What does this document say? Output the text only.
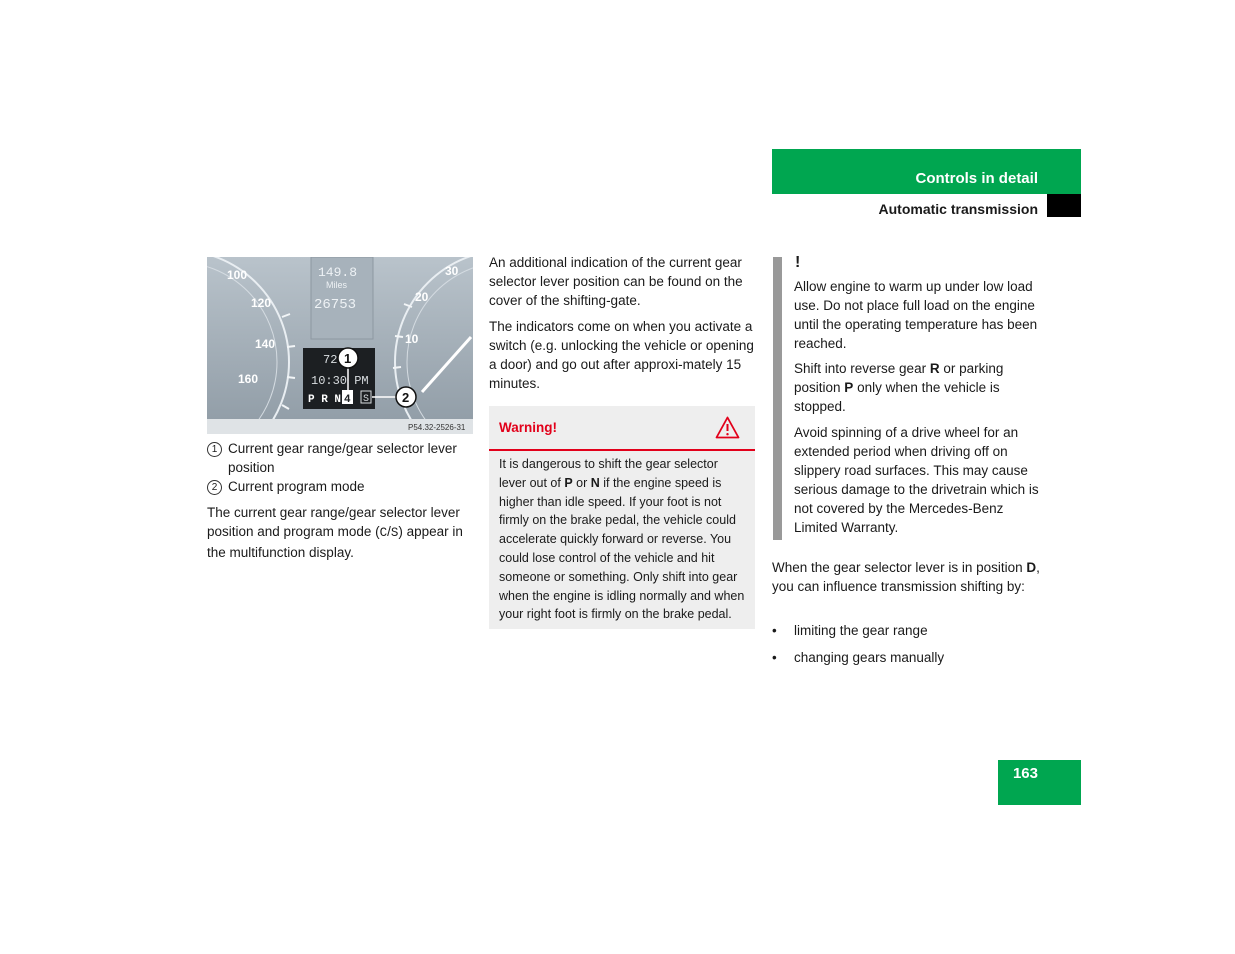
Controls in detail
Automatic transmission
100
120
140
160
30
20
10
149.8
Miles
26753
72
10:30 PM
P R N 4 S
1
2
P54.32-2526-31
1 Current gear range/gear selector lever position
2 Current program mode

The current gear range/gear selector lever position and program mode (C/S) appear in the multifunction display.

An additional indication of the current gear selector lever position can be found on the cover of the shifting-gate.

The indicators come on when you activate a switch (e.g. unlocking the vehicle or opening a door) and go out after approxi-mately 15 minutes.

Warning!

It is dangerous to shift the gear selector lever out of P or N if the engine speed is higher than idle speed. If your foot is not firmly on the brake pedal, the vehicle could accelerate quickly forward or reverse. You could lose control of the vehicle and hit someone or something. Only shift into gear when the engine is idling normally and when your right foot is firmly on the brake pedal.

!

Allow engine to warm up under low load use. Do not place full load on the engine until the operating temperature has been reached.

Shift into reverse gear R or parking position P only when the vehicle is stopped.

Avoid spinning of a drive wheel for an extended period when driving off on slippery road surfaces. This may cause serious damage to the drivetrain which is not covered by the Mercedes-Benz Limited Warranty.

When the gear selector lever is in position D, you can influence transmission shifting by:

•	limiting the gear range
•	changing gears manually
163
